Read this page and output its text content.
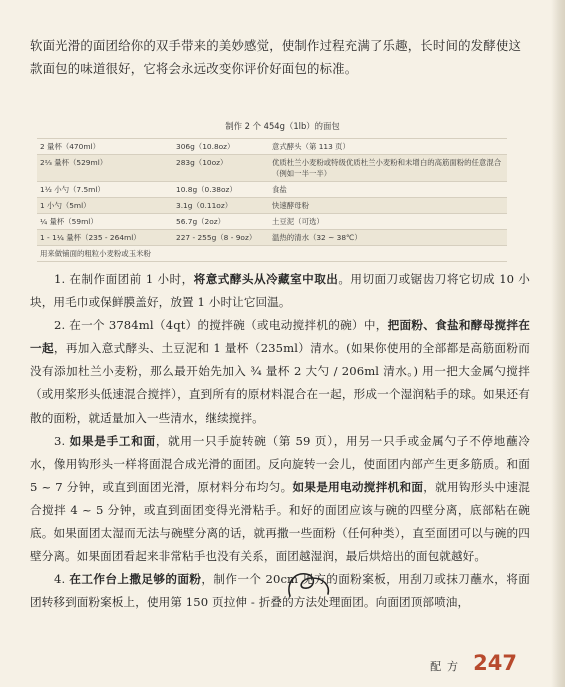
软面光滑的面团给你的双手带来的美妙感觉，使制作过程充满了乐趣，长时间的发酵使这款面包的味道很好，它将会永远改变你评价好面包的标准。

制作 2 个 454g（1lb）的面包
2 量杯（470ml）	306g（10.8oz）	意式酵头（第 113 页）
2⅔ 量杯（529ml）	283g（10oz）	优质杜兰小麦粉或特级优质杜兰小麦粉和未增白的高筋面粉的任意混合（例如一半一半）
1½ 小勺（7.5ml）	10.8g（0.38oz）	食盐
1 小勺（5ml）	3.1g（0.11oz）	快速酵母粉
¼ 量杯（59ml）	56.7g（2oz）	土豆泥（可选）
1 - 1¼ 量杯（235 - 264ml）	227 - 255g（8 - 9oz）	温热的清水（32 ~ 38℃）
用来做铺面的粗粒小麦粉或玉米粉		

1. 在制作面团前 1 小时，将意式酵头从冷藏室中取出。用切面刀或锯齿刀将它切成 10 小块，用毛巾或保鲜膜盖好，放置 1 小时让它回温。

2. 在一个 3784ml（4qt）的搅拌碗（或电动搅拌机的碗）中，把面粉、食盐和酵母搅拌在一起，再加入意式酵头、土豆泥和 1 量杯（235ml）清水。(如果你使用的全部都是高筋面粉而没有添加杜兰小麦粉，那么最开始先加入 ¾ 量杯 2 大勺 / 206ml 清水。) 用一把大金属勺搅拌（或用桨形头低速混合搅拌），直到所有的原材料混合在一起，形成一个湿润粘手的球。如果还有散的面粉，就适量加入一些清水，继续搅拌。

3. 如果是手工和面，就用一只手旋转碗（第 59 页），用另一只手或金属勺子不停地蘸冷水，像用钩形头一样将面混合成光滑的面团。反向旋转一会儿，使面团内部产生更多筋质。和面 5 ~ 7 分钟，或直到面团光滑，原材料分布均匀。如果是用电动搅拌机和面，就用钩形头中速混合搅拌 4 ~ 5 分钟，或直到面团变得光滑粘手。和好的面团应该与碗的四壁分离，底部粘在碗底。如果面团太湿而无法与碗壁分离的话，就再撒一些面粉（任何种类），直至面团可以与碗的四壁分离。如果面团看起来非常粘手也没有关系，面团越湿润，最后烘焙出的面包就越好。

4. 在工作台上撒足够的面粉，制作一个 20cm 见方的面粉案板，用刮刀或抹刀蘸水，将面团转移到面粉案板上，使用第 150 页拉伸 - 折叠的方法处理面团。向面团顶部喷油，

配方 247
